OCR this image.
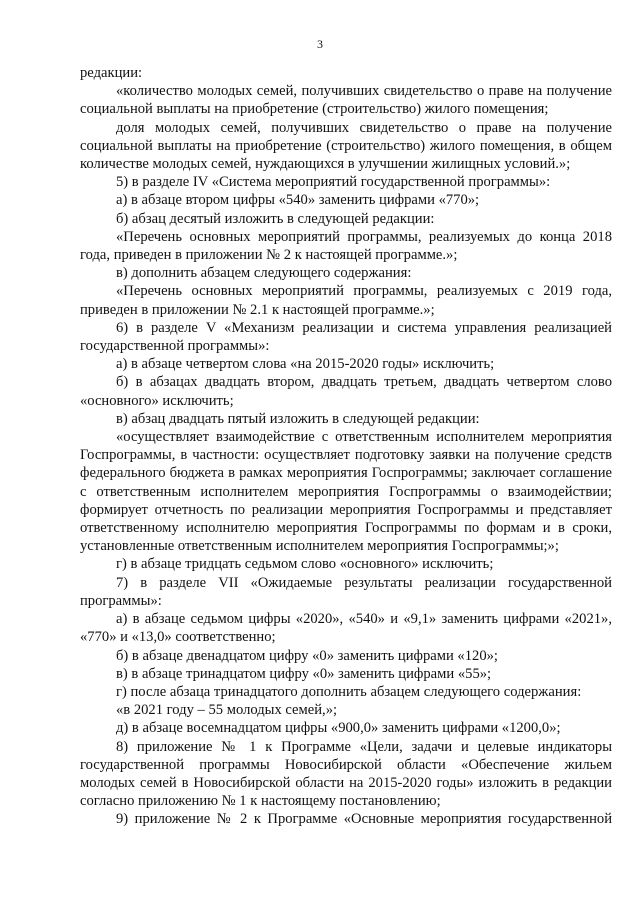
3

редакции:

«количество молодых семей, получивших свидетельство о праве на получение социальной выплаты на приобретение (строительство) жилого помещения;

доля молодых семей, получивших свидетельство о праве на получение социальной выплаты на приобретение (строительство) жилого помещения, в общем количестве молодых семей, нуждающихся в улучшении жилищных условий.»;

5) в разделе IV «Система мероприятий государственной программы»:

а) в абзаце втором цифры «540» заменить цифрами «770»;

б) абзац десятый изложить в следующей редакции:

«Перечень основных мероприятий программы, реализуемых до конца 2018 года, приведен в приложении № 2 к настоящей программе.»;

в) дополнить абзацем следующего содержания:

«Перечень основных мероприятий программы, реализуемых с 2019 года, приведен в приложении № 2.1 к настоящей программе.»;

6) в разделе V «Механизм реализации и система управления реализацией государственной программы»:

а) в абзаце четвертом слова «на 2015-2020 годы» исключить;

б) в абзацах двадцать втором, двадцать третьем, двадцать четвертом слово «основного» исключить;

в) абзац двадцать пятый изложить в следующей редакции:

«осуществляет взаимодействие с ответственным исполнителем мероприятия Госпрограммы, в частности: осуществляет подготовку заявки на получение средств федерального бюджета в рамках мероприятия Госпрограммы; заключает соглашение с ответственным исполнителем мероприятия Госпрограммы о взаимодействии; формирует отчетность по реализации мероприятия Госпрограммы и представляет ответственному исполнителю мероприятия Госпрограммы по формам и в сроки, установленные ответственным исполнителем мероприятия Госпрограммы;»;

г) в абзаце тридцать седьмом слово «основного» исключить;

7) в разделе VII «Ожидаемые результаты реализации государственной программы»:

а) в абзаце седьмом цифры «2020», «540» и «9,1» заменить цифрами «2021», «770» и «13,0» соответственно;

б) в абзаце двенадцатом цифру «0» заменить цифрами «120»;

в) в абзаце тринадцатом цифру «0» заменить цифрами «55»;

г) после абзаца тринадцатого дополнить абзацем следующего содержания:

«в 2021 году – 55 молодых семей,»;

д) в абзаце восемнадцатом цифры «900,0» заменить цифрами «1200,0»;

8) приложение № 1 к Программе «Цели, задачи и целевые индикаторы государственной программы Новосибирской области «Обеспечение жильем молодых семей в Новосибирской области на 2015-2020 годы» изложить в редакции согласно приложению № 1 к настоящему постановлению;

9) приложение № 2 к Программе «Основные мероприятия государственной
